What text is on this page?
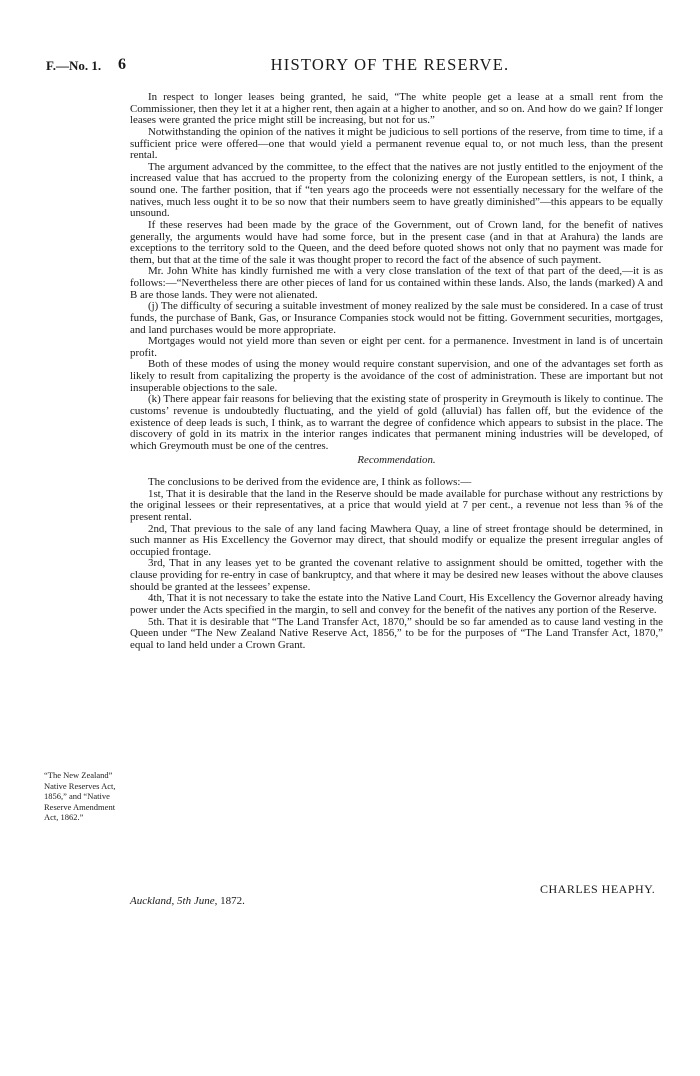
F.—No. 1. 6	HISTORY OF THE RESERVE.

In respect to longer leases being granted, he said, “The white people get a lease at a small rent from the Commissioner, then they let it at a higher rent, then again at a higher to another, and so on. And how do we gain? If longer leases were granted the price might still be increasing, but not for us.”

Notwithstanding the opinion of the natives it might be judicious to sell portions of the reserve, from time to time, if a sufficient price were offered—one that would yield a permanent revenue equal to, or not much less, than the present rental.

The argument advanced by the committee, to the effect that the natives are not justly entitled to the enjoyment of the increased value that has accrued to the property from the colonizing energy of the European settlers, is not, I think, a sound one. The farther position, that if “ten years ago the proceeds were not essentially necessary for the welfare of the natives, much less ought it to be so now that their numbers seem to have greatly diminished”—this appears to be equally unsound.

If these reserves had been made by the grace of the Government, out of Crown land, for the benefit of natives generally, the arguments would have had some force, but in the present case (and in that at Arahura) the lands are exceptions to the territory sold to the Queen, and the deed before quoted shows not only that no payment was made for them, but that at the time of the sale it was thought proper to record the fact of the absence of such payment.

Mr. John White has kindly furnished me with a very close translation of the text of that part of the deed,—it is as follows:—“Nevertheless there are other pieces of land for us contained within these lands. Also, the lands (marked) A and B are those lands. They were not alienated.

(j) The difficulty of securing a suitable investment of money realized by the sale must be considered. In a case of trust funds, the purchase of Bank, Gas, or Insurance Companies stock would not be fitting. Government securities, mortgages, and land purchases would be more appropriate.

Mortgages would not yield more than seven or eight per cent. for a permanence. Investment in land is of uncertain profit.

Both of these modes of using the money would require constant supervision, and one of the advantages set forth as likely to result from capitalizing the property is the avoidance of the cost of administration. These are important but not insuperable objections to the sale.

(k) There appear fair reasons for believing that the existing state of prosperity in Greymouth is likely to continue. The customs’ revenue is undoubtedly fluctuating, and the yield of gold (alluvial) has fallen off, but the evidence of the existence of deep leads is such, I think, as to warrant the degree of confidence which appears to subsist in the place. The discovery of gold in its matrix in the interior ranges indicates that permanent mining industries will be developed, of which Greymouth must be one of the centres.

Recommendation.

The conclusions to be derived from the evidence are, I think as follows:—

1st, That it is desirable that the land in the Reserve should be made available for purchase without any restrictions by the original lessees or their representatives, at a price that would yield at 7 per cent., a revenue not less than ⅝ of the present rental.

2nd, That previous to the sale of any land facing Mawhera Quay, a line of street frontage should be determined, in such manner as His Excellency the Governor may direct, that should modify or equalize the present irregular angles of occupied frontage.

3rd, That in any leases yet to be granted the covenant relative to assignment should be omitted, together with the clause providing for re-entry in case of bankruptcy, and that where it may be desired new leases without the above clauses should be granted at the lessees’ expense.

4th, That it is not necessary to take the estate into the Native Land Court, His Excellency the Governor already having power under the Acts specified in the margin, to sell and convey for the benefit of the natives any portion of the Reserve.

5th. That it is desirable that “The Land Transfer Act, 1870,” should be so far amended as to cause land vesting in the Queen under “The New Zealand Native Reserve Act, 1856,” to be for the purposes of “The Land Transfer Act, 1870,” equal to land held under a Crown Grant.

“The New Zealand” Native Reserves Act, 1856,” and “Native Reserve Amendment Act, 1862.”
CHARLES HEAPHY.
Auckland, 5th June, 1872.
